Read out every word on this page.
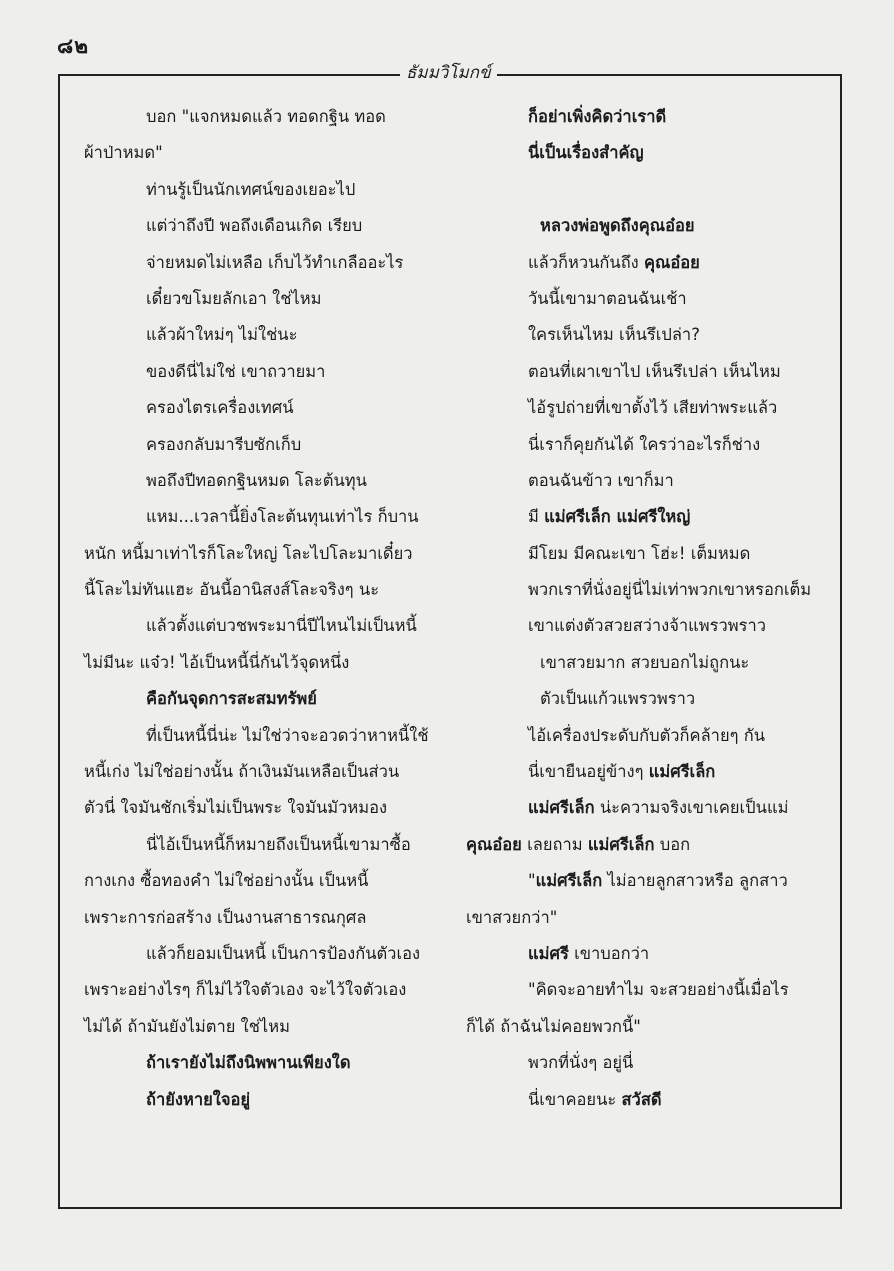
๘๒
ธัมมวิโมกข์
บอก "แจกหมดแล้ว ทอดกฐิน ทอด
ผ้าป่าหมด"
ท่านรู้เป็นนักเทศน์ของเยอะไป
แต่ว่าถึงปี พอถึงเดือนเกิด เรียบ
จ่ายหมดไม่เหลือ เก็บไว้ทำเกลืออะไร
เดี๋ยวขโมยลักเอา ใช่ไหม
แล้วผ้าใหม่ๆ ไม่ใช่นะ
ของดีนี่ไม่ใช่ เขาถวายมา
ครองไตรเครื่องเทศน์
ครองกลับมารีบซักเก็บ
พอถึงปีทอดกฐินหมด โละต้นทุน
แหม...เวลานี้ยิ่งโละต้นทุนเท่าไร ก็บาน
หนัก หนี้มาเท่าไรก็โละใหญ่ โละไปโละมาเดี๋ยว
นี้โละไม่ทันแฮะ อันนี้อานิสงส์โละจริงๆ นะ
แล้วตั้งแต่บวชพระมานี่ปีไหนไม่เป็นหนี้
ไม่มีนะ แจ๋ว! ไอ้เป็นหนี้นี่กันไว้จุดหนึ่ง
คือกันจุดการสะสมทรัพย์
ที่เป็นหนี้นี่น่ะ ไม่ใช่ว่าจะอวดว่าหาหนี้ใช้
หนี้เก่ง ไม่ใช่อย่างนั้น ถ้าเงินมันเหลือเป็นส่วน
ตัวนี่ ใจมันชักเริ่มไม่เป็นพระ ใจมันมัวหมอง
นี่ไอ้เป็นหนี้ก็หมายถึงเป็นหนี้เขามาซื้อ
กางเกง ซื้อทองคำ ไม่ใช่อย่างนั้น เป็นหนี้
เพราะการก่อสร้าง เป็นงานสาธารณกุศล
แล้วก็ยอมเป็นหนี้ เป็นการป้องกันตัวเอง
เพราะอย่างไรๆ ก็ไม่ไว้ใจตัวเอง จะไว้ใจตัวเอง
ไม่ได้ ถ้ามันยังไม่ตาย ใช่ไหม
ถ้าเรายังไม่ถึงนิพพานเพียงใด
ถ้ายังหายใจอยู่
ก็อย่าเพิ่งคิดว่าเราดี
นี่เป็นเรื่องสำคัญ
หลวงพ่อพูดถึงคุณอ๋อย
แล้วก็หวนกันถึง คุณอ๋อย
วันนี้เขามาตอนฉันเช้า
ใครเห็นไหม เห็นรึเปล่า?
ตอนที่เผาเขาไป เห็นรึเปล่า เห็นไหม
ไอ้รูปถ่ายที่เขาตั้งไว้ เสียท่าพระแล้ว
นี่เราก็คุยกันได้ ใครว่าอะไรก็ช่าง
ตอนฉันข้าว เขาก็มา
มี แม่ศรีเล็ก แม่ศรีใหญ่
มีโยม มีคณะเขา โฮ่ะ! เต็มหมด
พวกเราที่นั่งอยู่นี่ไม่เท่าพวกเขาหรอกเต็ม
เขาแต่งตัวสวยสว่างจ้าแพรวพราว
เขาสวยมาก สวยบอกไม่ถูกนะ
ตัวเป็นแก้วแพรวพราว
ไอ้เครื่องประดับกับตัวก็คล้ายๆ กัน
นี่เขายืนอยู่ข้างๆ แม่ศรีเล็ก
แม่ศรีเล็ก น่ะความจริงเขาเคยเป็นแม่
คุณอ๋อย เลยถาม แม่ศรีเล็ก บอก
"แม่ศรีเล็ก ไม่อายลูกสาวหรือ ลูกสาว
เขาสวยกว่า"
แม่ศรี เขาบอกว่า
"คิดจะอายทำไม จะสวยอย่างนี้เมื่อไร
ก็ได้ ถ้าฉันไม่คอยพวกนี้"
พวกที่นั่งๆ อยู่นี่
นี่เขาคอยนะ สวัสดี
